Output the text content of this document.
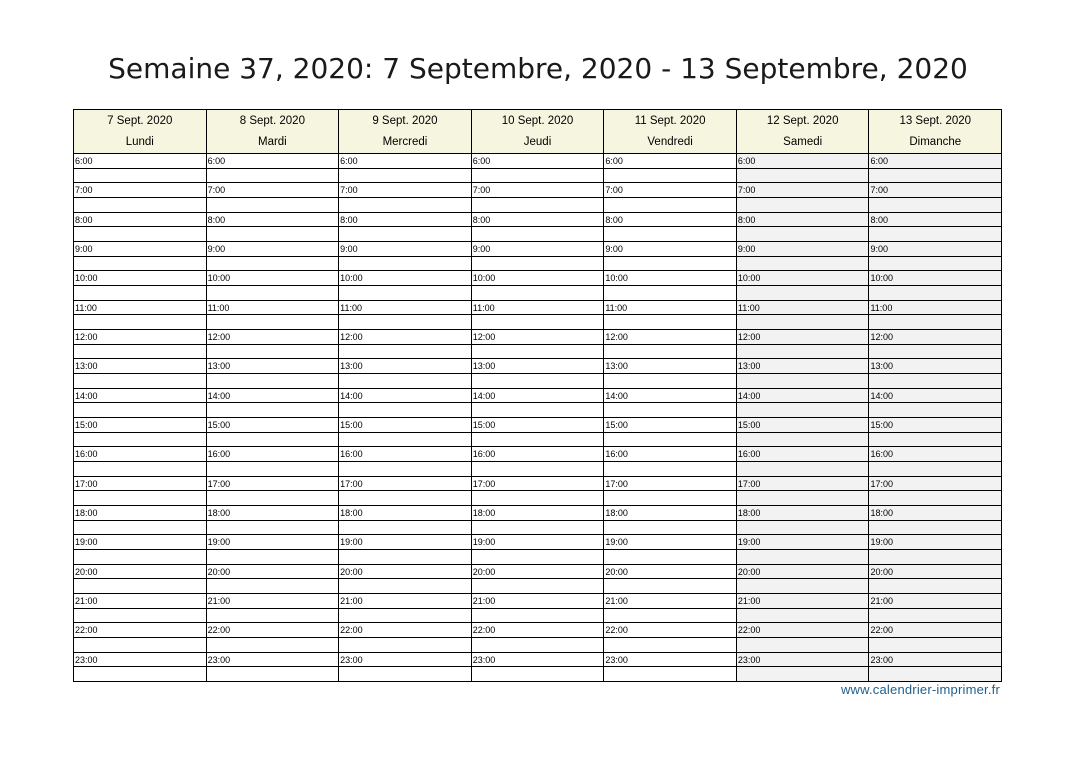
Semaine 37, 2020: 7 Septembre, 2020 - 13 Septembre, 2020
7 Sept. 2020
Lundi
6:00
7:00
8:00
9:00
10:00
11:00
12:00
13:00
14:00
15:00
16:00
17:00
18:00
19:00
20:00
21:00
22:00
23:00
8 Sept. 2020
Mardi
6:00
7:00
8:00
9:00
10:00
11:00
12:00
13:00
14:00
15:00
16:00
17:00
18:00
19:00
20:00
21:00
22:00
23:00
9 Sept. 2020
Mercredi
6:00
7:00
8:00
9:00
10:00
11:00
12:00
13:00
14:00
15:00
16:00
17:00
18:00
19:00
20:00
21:00
22:00
23:00
10 Sept. 2020
Jeudi
6:00
7:00
8:00
9:00
10:00
11:00
12:00
13:00
14:00
15:00
16:00
17:00
18:00
19:00
20:00
21:00
22:00
23:00
11 Sept. 2020
Vendredi
6:00
7:00
8:00
9:00
10:00
11:00
12:00
13:00
14:00
15:00
16:00
17:00
18:00
19:00
20:00
21:00
22:00
23:00
12 Sept. 2020
Samedi
6:00
7:00
8:00
9:00
10:00
11:00
12:00
13:00
14:00
15:00
16:00
17:00
18:00
19:00
20:00
21:00
22:00
23:00
13 Sept. 2020
Dimanche
6:00
7:00
8:00
9:00
10:00
11:00
12:00
13:00
14:00
15:00
16:00
17:00
18:00
19:00
20:00
21:00
22:00
23:00
www.calendrier-imprimer.fr
